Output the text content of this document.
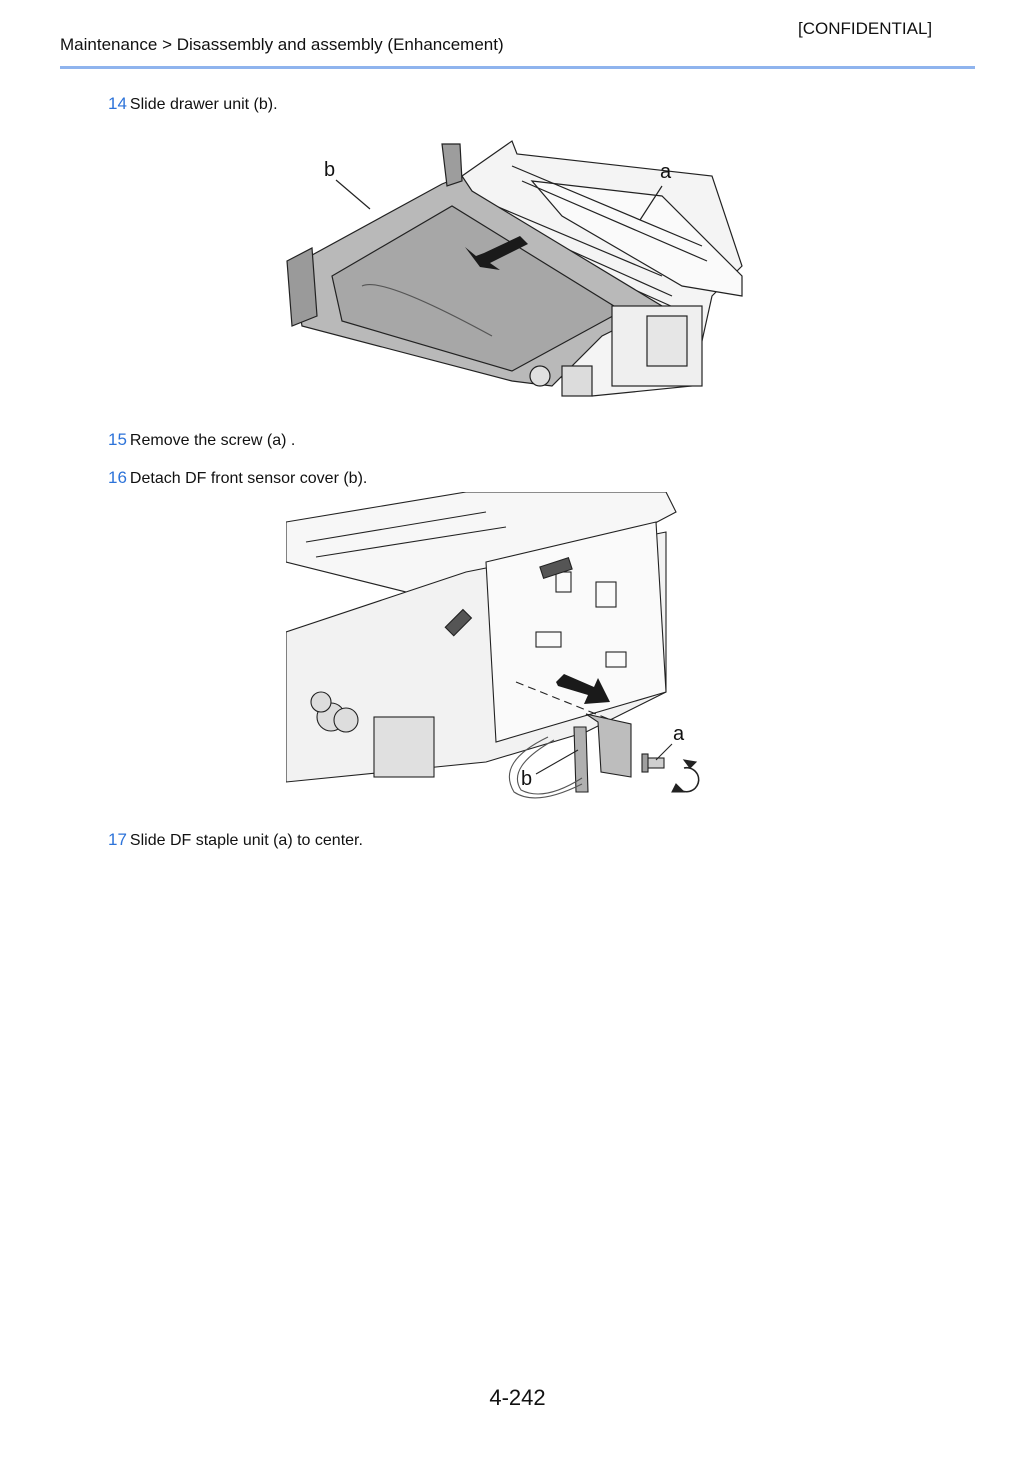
[CONFIDENTIAL]
Maintenance > Disassembly and assembly (Enhancement)
14 Slide drawer unit (b).
b	a
15 Remove the screw (a) .
16 Detach DF front sensor cover (b).
a
b
17 Slide DF staple unit (a) to center.
4-242
